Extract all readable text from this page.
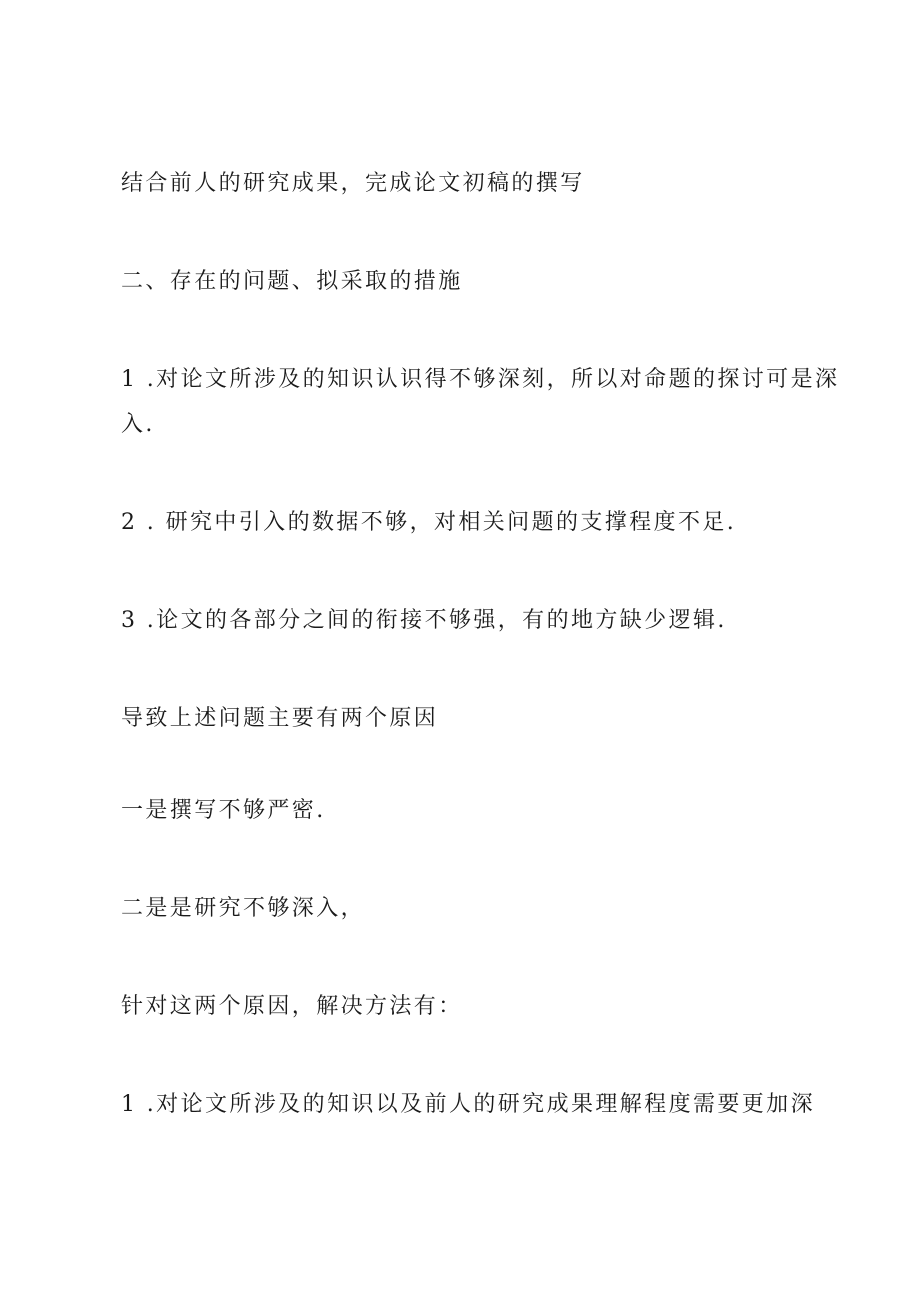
结合前人的研究成果，完成论文初稿的撰写
二、存在的问题、拟采取的措施
1 .对论文所涉及的知识认识得不够深刻，所以对命题的探讨可是深
入.
2 . 研究中引入的数据不够，对相关问题的支撑程度不足.
3 .论文的各部分之间的衔接不够强，有的地方缺少逻辑.
导致上述问题主要有两个原因
一是撰写不够严密.
二是是研究不够深入，
针对这两个原因，解决方法有：
1 .对论文所涉及的知识以及前人的研究成果理解程度需要更加深
